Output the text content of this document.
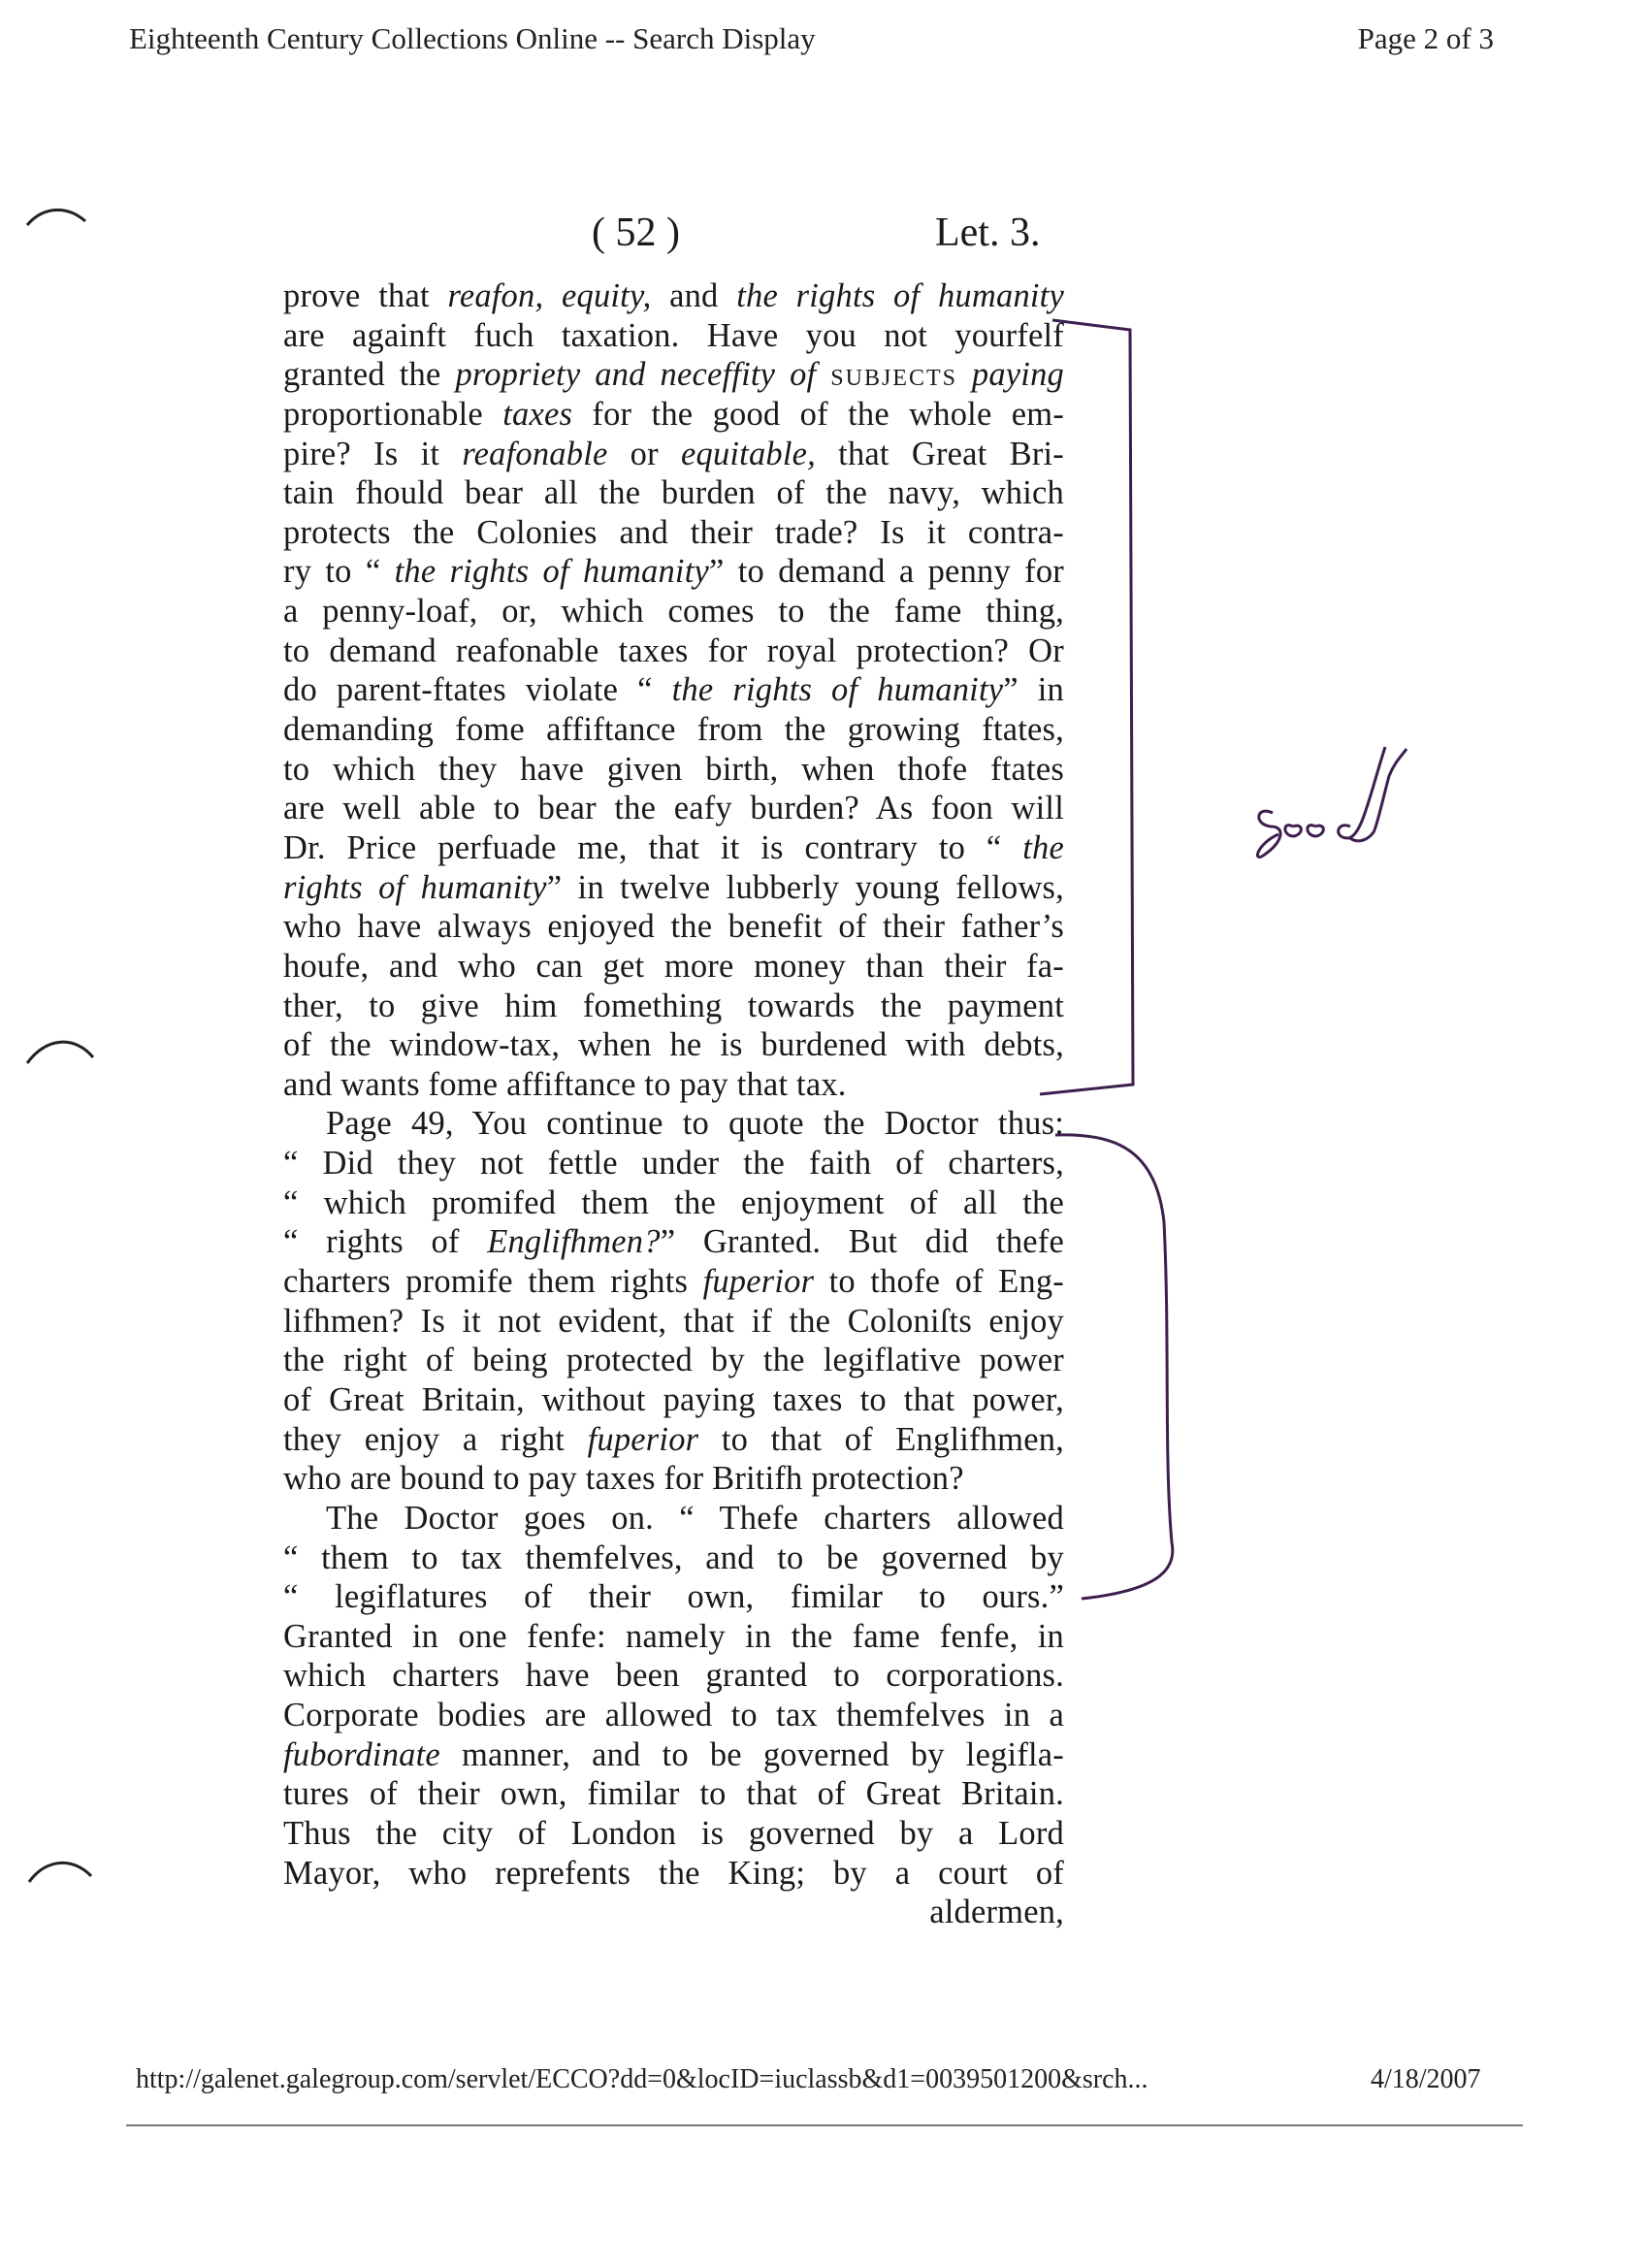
Eighteenth Century Collections Online -- Search Display	Page 2 of 3
( 52 )	Let. 3.
prove that reafon, equity, and the rights of humanity
are againft fuch taxation. Have you not yourfelf
granted the propriety and neceffity of subjects paying
proportionable taxes for the good of the whole em-
pire? Is it reafonable or equitable, that Great Bri-
tain fhould bear all the burden of the navy, which
protects the Colonies and their trade? Is it contra-
ry to “ the rights of humanity” to demand a penny for
a penny-loaf, or, which comes to the fame thing,
to demand reafonable taxes for royal protection? Or
do parent-ftates violate “ the rights of humanity” in
demanding fome affiftance from the growing ftates,
to which they have given birth, when thofe ftates
are well able to bear the eafy burden? As foon will
Dr. Price perfuade me, that it is contrary to “ the
rights of humanity” in twelve lubberly young fellows,
who have always enjoyed the benefit of their father’s
houfe, and who can get more money than their fa-
ther, to give him fomething towards the payment
of the window-tax, when he is burdened with debts,
and wants fome affiftance to pay that tax.
Page 49, You continue to quote the Doctor thus:
“ Did they not fettle under the faith of charters,
“ which promifed them the enjoyment of all the
“ rights of Englifhmen?” Granted. But did thefe
charters promife them rights fuperior to thofe of Eng-
lifhmen? Is it not evident, that if the Coloniſts enjoy
the right of being protected by the legiflative power
of Great Britain, without paying taxes to that power,
they enjoy a right fuperior to that of Englifhmen,
who are bound to pay taxes for Britifh protection?
The Doctor goes on. “ Thefe charters allowed
“ them to tax themfelves, and to be governed by
“ legiflatures of their own, fimilar to ours.”
Granted in one fenfe: namely in the fame fenfe, in
which charters have been granted to corporations.
Corporate bodies are allowed to tax themfelves in a
fubordinate manner, and to be governed by legifla-
tures of their own, fimilar to that of Great Britain.
Thus the city of London is governed by a Lord
Mayor, who reprefents the King; by a court of
aldermen,
http://galenet.galegroup.com/servlet/ECCO?dd=0&locID=iuclassb&d1=0039501200&srch...	4/18/2007
